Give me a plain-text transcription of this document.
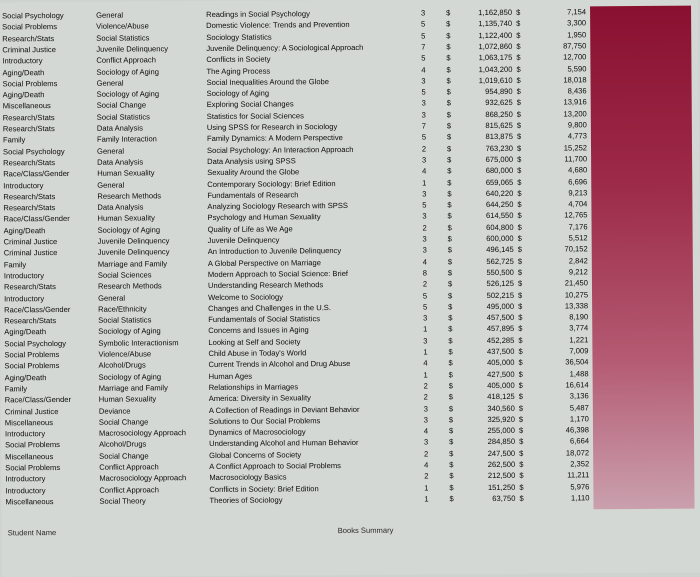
Social Psychology	General	Readings in Social Psychology	3	$	1,162,850 $	7,154
Social Problems	Violence/Abuse	Domestic Violence: Trends and Prevention	5	$	1,135,740 $	3,300
Research/Stats	Social Statistics	Sociology Statistics	5	$	1,122,400 $	1,950
Criminal Justice	Juvenile Delinquency	Juvenile Delinquency: A Sociological Approach	7	$	1,072,860 $	87,750
Introductory	Conflict Approach	Conflicts in Society	5	$	1,063,175 $	12,700
Aging/Death	Sociology of Aging	The Aging Process	4	$	1,043,200 $	5,590
Social Problems	General	Social Inequalities Around the Globe	3	$	1,019,610 $	18,018
Aging/Death	Sociology of Aging	Sociology of Aging	5	$	954,890 $	8,436
Miscellaneous	Social Change	Exploring Social Changes	3	$	932,625 $	13,916
Research/Stats	Social Statistics	Statistics for Social Sciences	3	$	868,250 $	13,200
Research/Stats	Data Analysis	Using SPSS for Research in Sociology	7	$	815,625 $	9,800
Family	Family Interaction	Family Dynamics: A Modern Perspective	5	$	813,875 $	4,773
Social Psychology	General	Social Psychology: An Interaction Approach	2	$	763,230 $	15,252
Research/Stats	Data Analysis	Data Analysis using SPSS	3	$	675,000 $	11,700
Race/Class/Gender	Human Sexuality	Sexuality Around the Globe	4	$	680,000 $	4,680
Introductory	General	Contemporary Sociology: Brief Edition	1	$	659,065 $	6,696
Research/Stats	Research Methods	Fundamentals of Research	3	$	640,220 $	9,213
Research/Stats	Data Analysis	Analyzing Sociology Research with SPSS	5	$	644,250 $	4,704
Race/Class/Gender	Human Sexuality	Psychology and Human Sexuality	3	$	614,550 $	12,765
Aging/Death	Sociology of Aging	Quality of Life as We Age	2	$	604,800 $	7,176
Criminal Justice	Juvenile Delinquency	Juvenile Delinquency	3	$	600,000 $	5,512
Criminal Justice	Juvenile Delinquency	An Introduction to Juvenile Delinquency	3	$	496,145 $	70,152
Family	Marriage and Family	A Global Perspective on Marriage	4	$	562,725 $	2,842
Introductory	Social Sciences	Modern Approach to Social Science: Brief	8	$	550,500 $	9,212
Research/Stats	Research Methods	Understanding Research Methods	2	$	526,125 $	21,450
Introductory	General	Welcome to Sociology	5	$	502,215 $	10,275
Race/Class/Gender	Race/Ethnicity	Changes and Challenges in the U.S.	5	$	495,000 $	13,338
Research/Stats	Social Statistics	Fundamentals of Social Statistics	3	$	457,500 $	8,190
Aging/Death	Sociology of Aging	Concerns and Issues in Aging	1	$	457,895 $	3,774
Social Psychology	Symbolic Interactionism	Looking at Self and Society	3	$	452,285 $	1,221
Social Problems	Violence/Abuse	Child Abuse in Today's World	1	$	437,500 $	7,009
Social Problems	Alcohol/Drugs	Current Trends in Alcohol and Drug Abuse	4	$	405,000 $	36,504
Aging/Death	Sociology of Aging	Human Ages	1	$	427,500 $	1,488
Family	Marriage and Family	Relationships in Marriages	2	$	405,000 $	16,614
Race/Class/Gender	Human Sexuality	America: Diversity in Sexuality	2	$	418,125 $	3,136
Criminal Justice	Deviance	A Collection of Readings in Deviant Behavior	3	$	340,560 $	5,487
Miscellaneous	Social Change	Solutions to Our Social Problems	3	$	325,920 $	1,170
Introductory	Macrosociology Approach	Dynamics of Macrosociology	4	$	255,000 $	46,398
Social Problems	Alcohol/Drugs	Understanding Alcohol and Human Behavior	3	$	284,850 $	6,664
Miscellaneous	Social Change	Global Concerns of Society	2	$	247,500 $	18,072
Social Problems	Conflict Approach	A Conflict Approach to Social Problems	4	$	262,500 $	2,352
Introductory	Macrosociology Approach	Macrosociology Basics	2	$	212,500 $	11,211
Introductory	Conflict Approach	Conflicts in Society: Brief Edition	1	$	151,250 $	5,976
Miscellaneous	Social Theory	Theories of Sociology	1	$	63,750 $	1,110
Student Name	Books Summary
